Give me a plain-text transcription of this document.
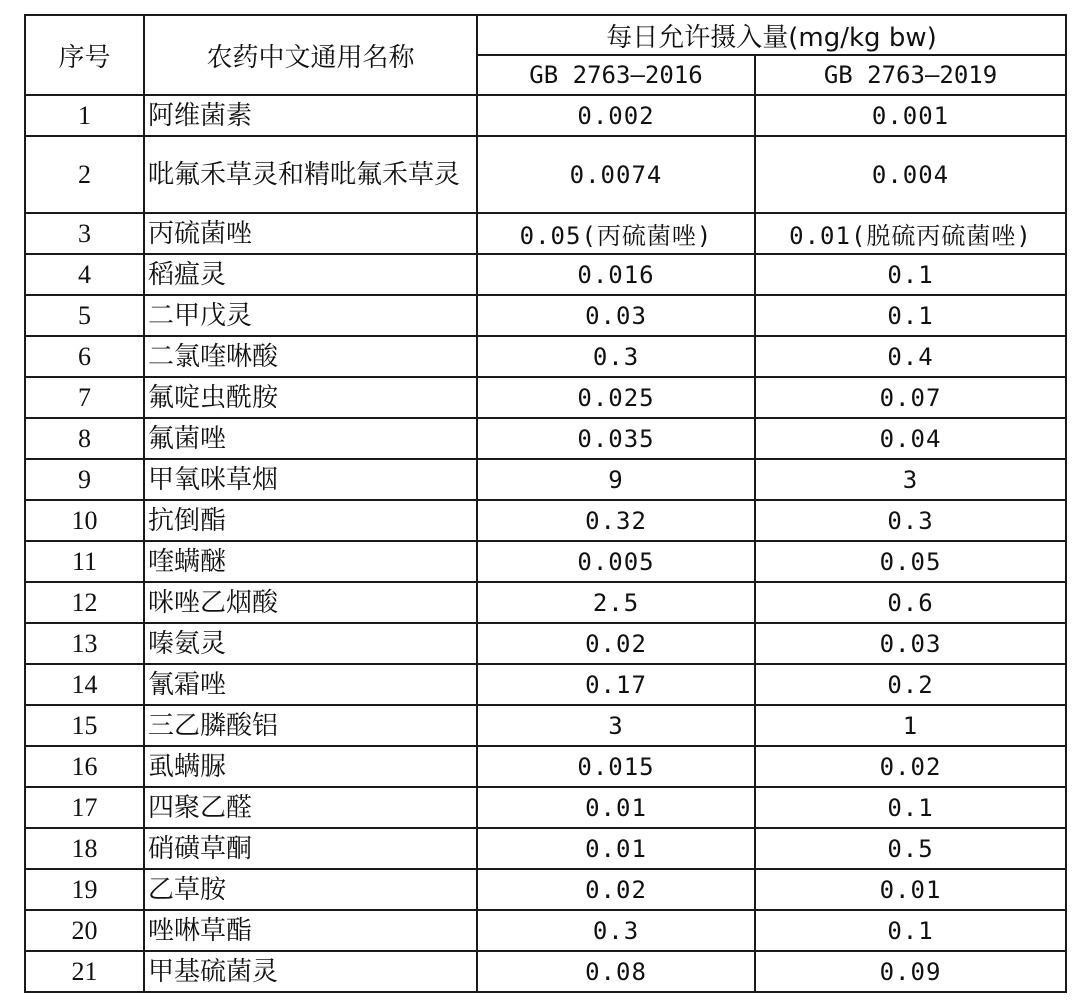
序号	农药中文通用名称	每日允许摄入量(mg/kg bw)	
		GB 2763—2016	GB 2763—2019
1	阿维菌素	0.002	0.001
2	吡氟禾草灵和精吡氟禾草灵	0.0074	0.004
3	丙硫菌唑	0.05(丙硫菌唑)	0.01(脱硫丙硫菌唑)
4	稻瘟灵	0.016	0.1
5	二甲戊灵	0.03	0.1
6	二氯喹啉酸	0.3	0.4
7	氟啶虫酰胺	0.025	0.07
8	氟菌唑	0.035	0.04
9	甲氧咪草烟	9	3
10	抗倒酯	0.32	0.3
11	喹螨醚	0.005	0.05
12	咪唑乙烟酸	2.5	0.6
13	嗪氨灵	0.02	0.03
14	氰霜唑	0.17	0.2
15	三乙膦酸铝	3	1
16	虱螨脲	0.015	0.02
17	四聚乙醛	0.01	0.1
18	硝磺草酮	0.01	0.5
19	乙草胺	0.02	0.01
20	唑啉草酯	0.3	0.1
21	甲基硫菌灵	0.08	0.09
